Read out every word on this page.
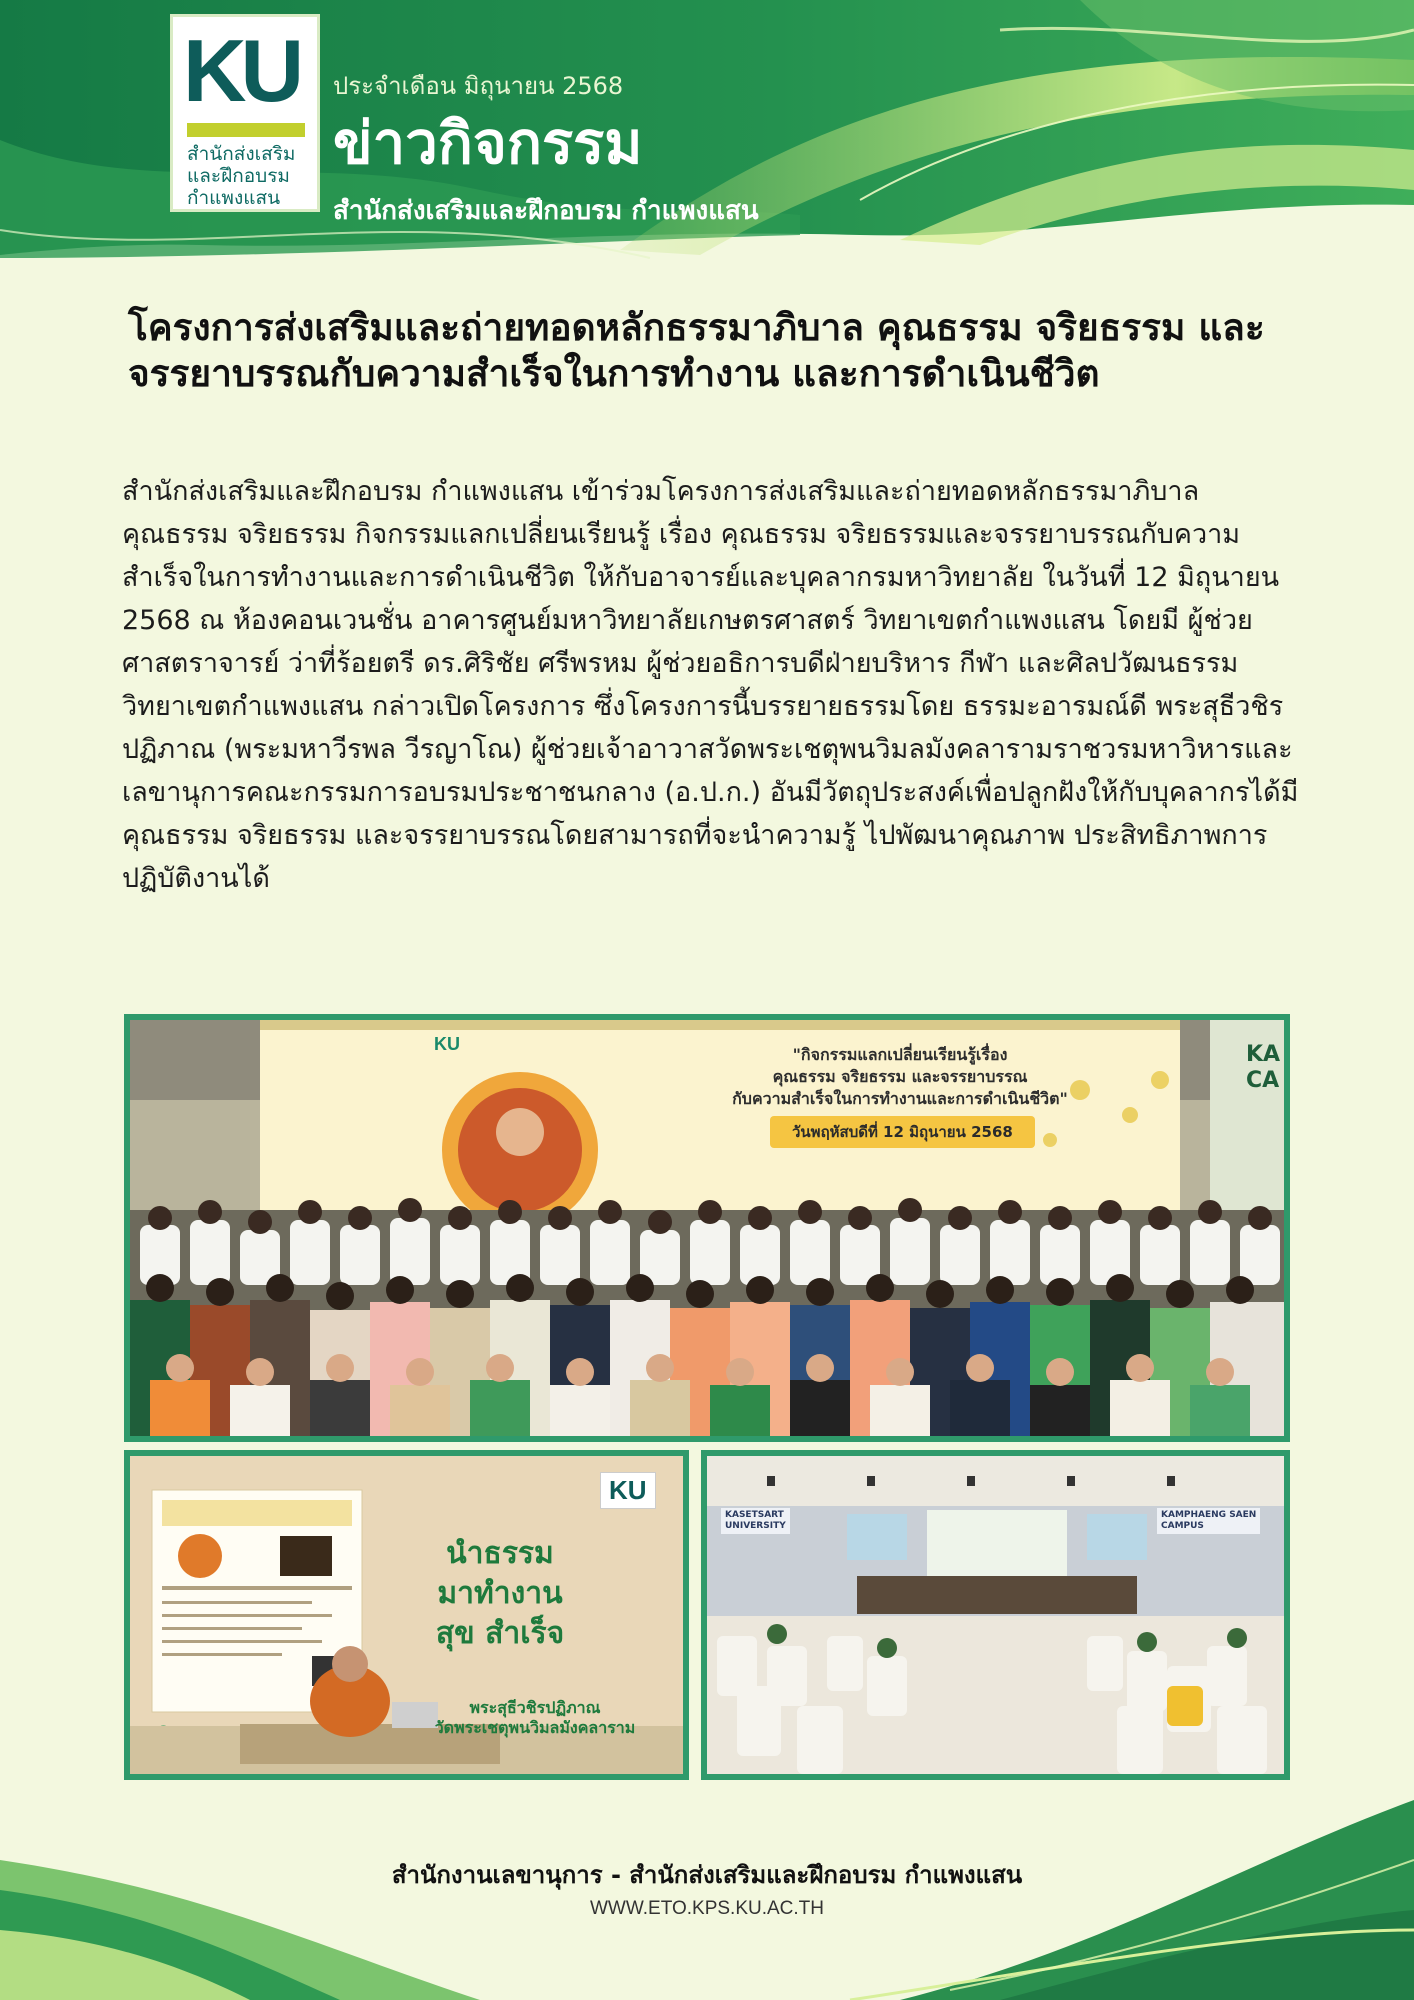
KU
สำนักส่งเสริม
และฝึกอบรม
กำแพงแสน
ประจำเดือน มิถุนายน 2568
ข่าวกิจกรรม
สำนักส่งเสริมและฝึกอบรม กำแพงแสน
โครงการส่งเสริมและถ่ายทอดหลักธรรมาภิบาล คุณธรรม จริยธรรม และจรรยาบรรณกับความสำเร็จในการทำงาน และการดำเนินชีวิต

สำนักส่งเสริมและฝึกอบรม กำแพงแสน เข้าร่วมโครงการส่งเสริมและถ่ายทอดหลักธรรมาภิบาล คุณธรรม จริยธรรม กิจกรรมแลกเปลี่ยนเรียนรู้ เรื่อง คุณธรรม จริยธรรมและจรรยาบรรณกับความสำเร็จในการทำงานและการดำเนินชีวิต ให้กับอาจารย์และบุคลากรมหาวิทยาลัย ในวันที่ 12 มิถุนายน 2568 ณ ห้องคอนเวนชั่น อาคารศูนย์มหาวิทยาลัยเกษตรศาสตร์ วิทยาเขตกำแพงแสน โดยมี ผู้ช่วยศาสตราจารย์ ว่าที่ร้อยตรี ดร.ศิริชัย ศรีพรหม ผู้ช่วยอธิการบดีฝ่ายบริหาร กีฬา และศิลปวัฒนธรรมวิทยาเขตกำแพงแสน กล่าวเปิดโครงการ ซึ่งโครงการนี้บรรยายธรรมโดย ธรรมะอารมณ์ดี พระสุธีวชิรปฏิภาณ (พระมหาวีรพล วีรญาโณ) ผู้ช่วยเจ้าอาวาสวัดพระเชตุพนวิมลมังคลารามราชวรมหาวิหารและเลขานุการคณะกรรมการอบรมประชาชนกลาง (อ.ป.ก.) อันมีวัตถุประสงค์เพื่อปลูกฝังให้กับบุคลากรได้มีคุณธรรม จริยธรรม และจรรยาบรรณโดยสามารถที่จะนำความรู้ ไปพัฒนาคุณภาพ ประสิทธิภาพการปฏิบัติงานได้

KU
"กิจกรรมแลกเปลี่ยนเรียนรู้เรื่อง
คุณธรรม จริยธรรม และจรรยาบรรณ
กับความสำเร็จในการทำงานและการดำเนินชีวิต"
วันพฤหัสบดีที่ 12 มิถุนายน 2568
KA
CA
KU
นำธรรม
มาทำงาน
สุข สำเร็จ
พระสุธีวชิรปฏิภาณ
วัดพระเชตุพนวิมลมังคลาราม
KASETSART
UNIVERSITY
KAMPHAENG SAEN
CAMPUS
สำนักงานเลขานุการ - สำนักส่งเสริมและฝึกอบรม กำแพงแสน
WWW.ETO.KPS.KU.AC.TH
